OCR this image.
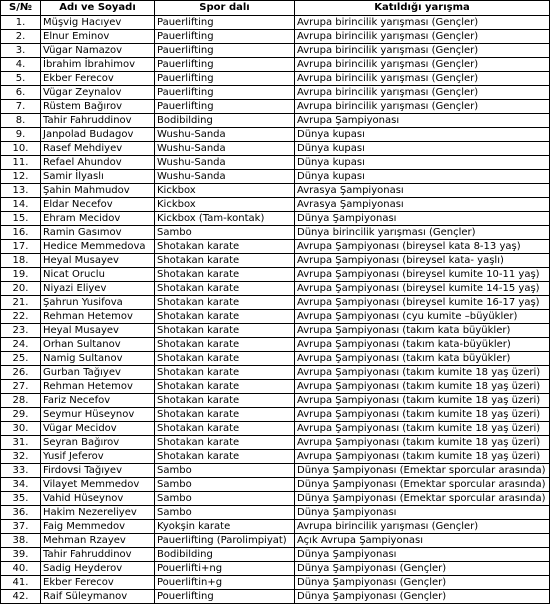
S/№	Adı ve Soyadı	Spor dalı	Katıldığı yarışma
1.	Müşvig Hacıyev	Pauerlifting	Avrupa birincilik yarışması (Gençler)
2.	Elnur Eminov	Pauerlifting	Avrupa birincilik yarışması (Gençler)
3.	Vügar Namazov	Pauerlifting	Avrupa birincilik yarışması (Gençler)
4.	İbrahim İbrahimov	Pauerlifting	Avrupa birincilik yarışması (Gençler)
5.	Ekber Ferecov	Pauerlifting	Avrupa birincilik yarışması (Gençler)
6.	Vügar Zeynalov	Pauerlifting	Avrupa birincilik yarışması (Gençler)
7.	Rüstem Bağırov	Pauerlifting	Avrupa birincilik yarışması (Gençler)
8.	Tahir Fahruddinov	Bodibilding	Avrupa Şampiyonası
9.	Janpolad Budagov	Wushu-Sanda	Dünya kupası
10.	Rasef Mehdiyev	Wushu-Sanda	Dünya kupası
11.	Refael Ahundov	Wushu-Sanda	Dünya kupası
12.	Samir İlyaslı	Wushu-Sanda	Dünya kupası
13.	Şahin Mahmudov	Kickbox	Avrasya Şampiyonası
14.	Eldar Necefov	Kickbox	Avrasya Şampiyonası
15.	Ehram Mecidov	Kickbox (Tam-kontak)	Dünya Şampiyonası
16.	Ramin Gasımov	Sambo	Dünya birincilik yarışması (Gençler)
17.	Hedice Memmedova	Shotakan karate	Avrupa Şampiyonası (bireysel kata 8-13 yaş)
18.	Heyal Musayev	Shotakan karate	Avrupa Şampiyonası (bireysel kata- yaşlı)
19.	Nicat Oruclu	Shotakan karate	Avrupa Şampiyonası (bireysel kumite 10-11 yaş)
20.	Niyazi Eliyev	Shotakan karate	Avrupa Şampiyonası (bireysel kumite 14-15 yaş)
21.	Şahrun Yusifova	Shotakan karate	Avrupa Şampiyonası (bireysel kumite 16-17 yaş)
22.	Rehman Hetemov	Shotakan karate	Avrupa Şampiyonası (cyu kumite –büyükler)
23.	Heyal Musayev	Shotakan karate	Avrupa Şampiyonası (takım kata büyükler)
24.	Orhan Sultanov	Shotakan karate	Avrupa Şampiyonası (takım kata-büyükler)
25.	Namig Sultanov	Shotakan karate	Avrupa Şampiyonası (takım kata büyükler)
26.	Gurban Tağıyev	Shotakan karate	Avrupa Şampiyonası (takım kumite 18 yaş üzeri)
27.	Rehman Hetemov	Shotakan karate	Avrupa Şampiyonası (takım kumite 18 yaş üzeri)
28.	Fariz Necefov	Shotakan karate	Avrupa Şampiyonası (takım kumite 18 yaş üzeri)
29.	Seymur Hüseynov	Shotakan karate	Avrupa Şampiyonası (takım kumite 18 yaş üzeri)
30.	Vügar Mecidov	Shotakan karate	Avrupa Şampiyonası (takım kumite 18 yaş üzeri)
31.	Seyran Bağırov	Shotakan karate	Avrupa Şampiyonası (takım kumite 18 yaş üzeri)
32.	Yusif Jeferov	Shotakan karate	Avrupa Şampiyonası (takım kumite 18 yaş üzeri)
33.	Firdovsi Tağıyev	Sambo	Dünya Şampiyonası (Emektar sporcular arasında)
34.	Vilayet Memmedov	Sambo	Dünya Şampiyonası (Emektar sporcular arasında)
35.	Vahid Hüseynov	Sambo	Dünya Şampiyonası (Emektar sporcular arasında)
36.	Hakim Nezereliyev	Sambo	Dünya Şampiyonası
37.	Faig Memmedov	Kyokşin karate	Avrupa birincilik yarışması (Gençler)
38.	Mehman Rzayev	Pauerlifting (Parolimpiyat)	Açık Avrupa Şampiyonası
39.	Tahir Fahruddinov	Bodibilding	Dünya Şampiyonası
40.	Sadig Heyderov	Pouerlifti+ng	Dünya Şampiyonası (Gençler)
41.	Ekber Ferecov	Pouerliftin+g	Dünya Şampiyonası (Gençler)
42.	Raif Süleymanov	Pouerlifting	Dünya Şampiyonası (Gençler)
